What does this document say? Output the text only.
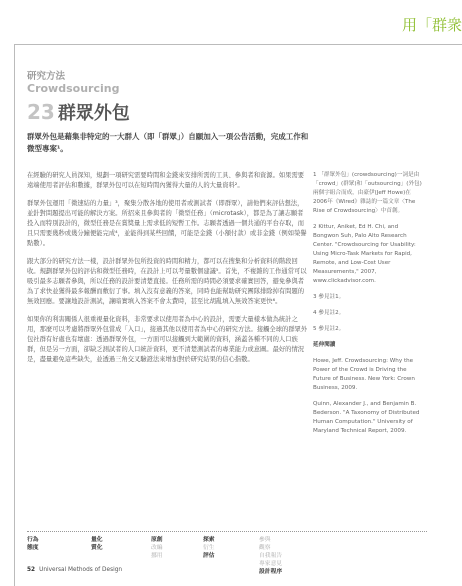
用「群衆
研究方法
Crowdsourcing
23 群眾外包
群眾外包是藉集非特定的一大群人（即「群眾」）自願加入一項公告活動，完成工作和微型專案¹。

在經驗的研究人員深知，規劃一項研究需要時間和金錢來安排所需的工具、參與者和資源。如果需要遠端使用者評估和數據，群眾外包可以在短時間內獲得大量的人的大量資料²。

群眾外包運用「微速結的力量」³，聚集分散各地的使用者或測試者（即群眾），請他們來評估想法，並針對問題提出可能的解決方案。所招來且參與者的「微型任務」（microtask），都是為了讓志願者投入而特別設計的，微型任務是在賞獎量上需求低的短暫工作。志願者透過一個共通的平台存取，而且只需要幾秒或幾分鐘便能完成⁴，並能得到某些回饋，可能是金錢（小額付款）或非金錢（例如榮譽點數）。

跟大部分的研究方法一樣，設計群眾外包所投資的時間和精力，都可以在搜集和分析資料的階段回收。規劃群眾外包的評估和微型任務時，在設計上可以考量數個建議⁵。首先，不複雜的工作通常可以吸引最多志願者參與，所以任務的設計要清楚直接。任務所需的時間必須要求確實回答，避免參與者為了求快並獲得最多報酬而敷衍了事。填入沒有意義的答案，同時也能幫助研究團隊排除掉有問題的無效回應。要讓地設計測試，讓暗實填入答案不會太費時，甚至比胡亂填入無效答案更快⁶。

如果你的利害關係人很重視量化資料，非常要求以使用者為中心的設計，需要大量樣本做為統計之用，那麼可以考慮將群眾外包當成「入口」，接過其他以使用者為中心的研究方法。接觸全球的群眾外包社群有好處也有壞處：透過群眾外包，一方面可以接觸到大範圍的資料，涵蓋各種不同的人口族群，但是另一方面，卻缺乏測試者的人口統計資料，更不清楚測試者的專業能力或意圖。最好的情況是，盡量避免這些缺失，並透過三角交叉驗證法來增加對於研究結果的信心指數。

1 「群眾外包」(crowdsourcing)一詞是由「crowd」(群眾)和「outsourcing」(外包)兩個字組合而成，由豪伊(Jeff Howe)在2006年《Wired》雜誌的一篇文章〈The Rise of Crowdsourcing〉中首創。

2 Kittur, Aniket, Ed H. Chi, and Bongwon Suh, Palo Alto Research Center. "Crowdsourcing for Usability: Using Micro-Task Markets for Rapid, Remote, and Low-Cost User Measurements," 2007, www.clickadvisor.com.

3 參見註1。

4 參見註2。

5 參見註2。

延伸閱讀

Howe, Jeff. Crowdsourcing: Why the Power of the Crowd is Driving the Future of Business. New York: Crown Business, 2009.

Quinn, Alexander J., and Benjamin B. Bederson. "A Taxonomy of Distributed Human Computation." University of Maryland Technical Report, 2009.

行為
態度
量化
質化
原創
改編
挪用
探索
衍生
評估
參與
觀察
自我報告
專家意見
設計程序
52 Universal Methods of Design
